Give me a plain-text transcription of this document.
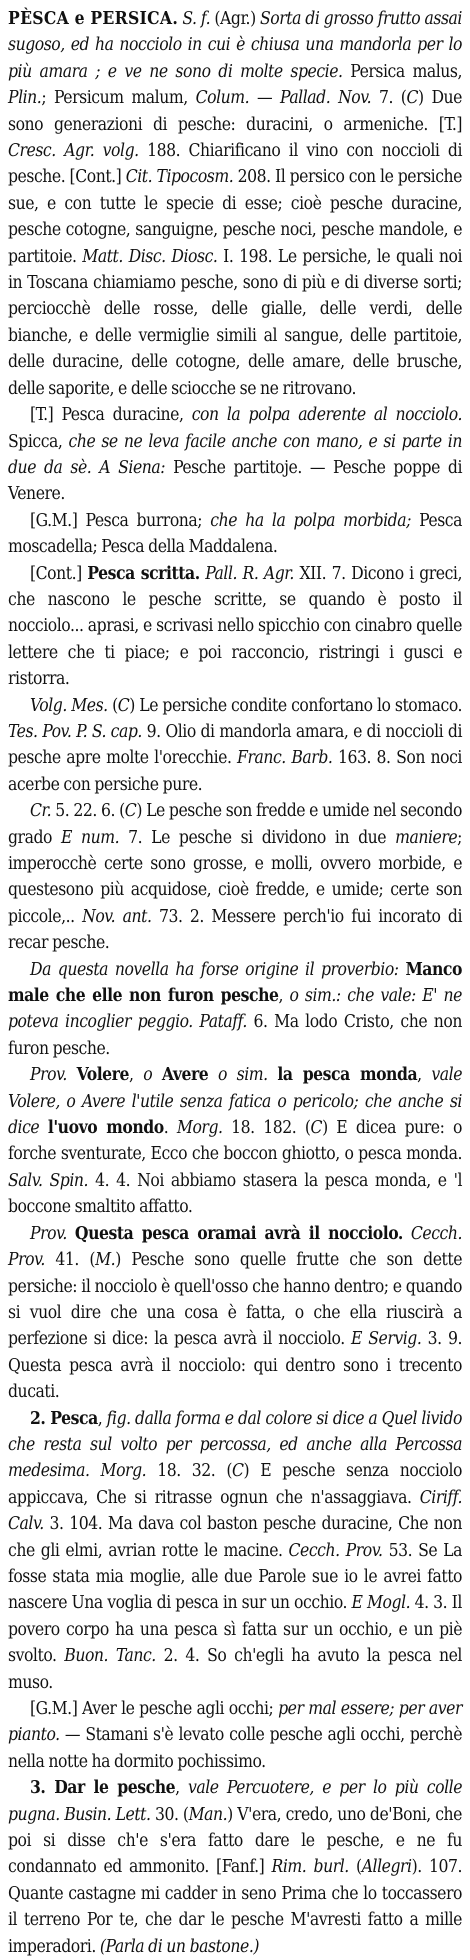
PÈSCA e PERSICA. S. f. (Agr.) Sorta di grosso frutto assai sugoso, ed ha nocciolo in cui è chiusa una mandorla per lo più amara ; e ve ne sono di molte specie. Persica malus, Plin.; Persicum malum, Colum. — Pallad. Nov. 7. (C) Due sono generazioni di pesche: duracini, o armeniche. [T.] Cresc. Agr. volg. 188. Chiarificano il vino con noccioli di pesche. [Cont.] Cit. Tipocosm. 208. Il persico con le persiche sue, e con tutte le specie di esse; cioè pesche duracine, pesche cotogne, sanguigne, pesche noci, pesche mandole, e partitoie. Matt. Disc. Diosc. I. 198. Le persiche, le quali noi in Toscana chiamiamo pesche, sono di più e di diverse sorti; perciocchè delle rosse, delle gialle, delle verdi, delle bianche, e delle vermiglie simili al sangue, delle partitoie, delle duracine, delle cotogne, delle amare, delle brusche, delle saporite, e delle sciocche se ne ritrovano.

[T.] Pesca duracine, con la polpa aderente al nocciolo. Spicca, che se ne leva facile anche con mano, e si parte in due da sè. A Siena: Pesche partitoje. — Pesche poppe di Venere.

[G.M.] Pesca burrona; che ha la polpa morbida; Pesca moscadella; Pesca della Maddalena.

[Cont.] Pesca scritta. Pall. R. Agr. XII. 7. Dicono i greci, che nascono le pesche scritte, se quando è posto il nocciolo... aprasi, e scrivasi nello spicchio con cinabro quelle lettere che ti piace; e poi racconcio, ristringi i gusci e ristorra.

Volg. Mes. (C) Le persiche condite confortano lo stomaco. Tes. Pov. P. S. cap. 9. Olio di mandorla amara, e di noccioli di pesche apre molte l'orecchie. Franc. Barb. 163. 8. Son noci acerbe con persiche pure.

Cr. 5. 22. 6. (C) Le pesche son fredde e umide nel secondo grado E num. 7. Le pesche si dividono in due maniere; imperocchè certe sono grosse, e molli, ovvero morbide, e questesono più acquidose, cioè fredde, e umide; certe son piccole,.. Nov. ant. 73. 2. Messere perch'io fui incorato di recar pesche.

Da questa novella ha forse origine il proverbio: Manco male che elle non furon pesche, o sim.: che vale: E' ne poteva incoglier peggio. Pataff. 6. Ma lodo Cristo, che non furon pesche.

Prov. Volere, o Avere o sim. la pesca monda, vale Volere, o Avere l'utile senza fatica o pericolo; che anche si dice l'uovo mondo. Morg. 18. 182. (C) E dicea pure: o forche sventurate, Ecco che boccon ghiotto, o pesca monda. Salv. Spin. 4. 4. Noi abbiamo stasera la pesca monda, e 'l boccone smaltito affatto.

Prov. Questa pesca oramai avrà il nocciolo. Cecch. Prov. 41. (M.) Pesche sono quelle frutte che son dette persiche: il nocciolo è quell'osso che hanno dentro; e quando si vuol dire che una cosa è fatta, o che ella riuscirà a perfezione si dice: la pesca avrà il nocciolo. E Servig. 3. 9. Questa pesca avrà il nocciolo: qui dentro sono i trecento ducati.

2. Pesca, fig. dalla forma e dal colore si dice a Quel livido che resta sul volto per percossa, ed anche alla Percossa medesima. Morg. 18. 32. (C) E pesche senza nocciolo appiccava, Che si ritrasse ognun che n'assaggiava. Ciriff. Calv. 3. 104. Ma dava col baston pesche duracine, Che non che gli elmi, avrian rotte le macine. Cecch. Prov. 53. Se La fosse stata mia moglie, alle due Parole sue io le avrei fatto nascere Una voglia di pesca in sur un occhio. E Mogl. 4. 3. Il povero corpo ha una pesca sì fatta sur un occhio, e un piè svolto. Buon. Tanc. 2. 4. So ch'egli ha avuto la pesca nel muso.

[G.M.] Aver le pesche agli occhi; per mal essere; per aver pianto. — Stamani s'è levato colle pesche agli occhi, perchè nella notte ha dormito pochissimo.

3. Dar le pesche, vale Percuotere, e per lo più colle pugna. Busin. Lett. 30. (Man.) V'era, credo, uno de'Boni, che poi si disse ch'e s'era fatto dare le pesche, e ne fu condannato ed ammonito. [Fanf.] Rim. burl. (Allegri). 107. Quante castagne mi cadder in seno Prima che lo toccassero il terreno Por te, che dar le pesche M'avresti fatto a mille imperadori. (Parla di un bastone.)
